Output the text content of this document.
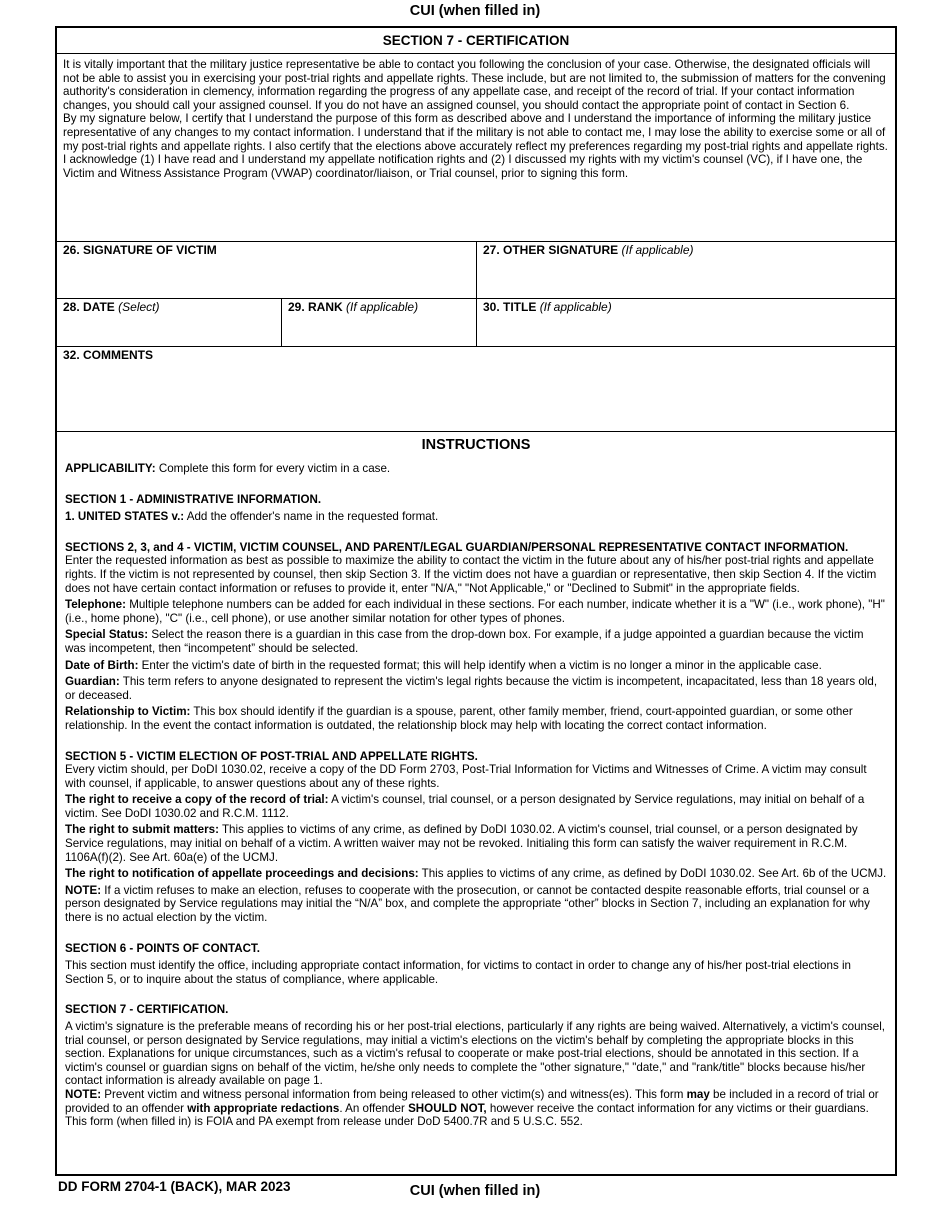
CUI (when filled in)
SECTION 7 - CERTIFICATION

It is vitally important that the military justice representative be able to contact you following the conclusion of your case. Otherwise, the designated officials will not be able to assist you in exercising your post-trial rights and appellate rights. These include, but are not limited to, the submission of matters for the convening authority's consideration in clemency, information regarding the progress of any appellate case, and receipt of the record of trial. If your contact information changes, you should call your assigned counsel. If you do not have an assigned counsel, you should contact the appropriate point of contact in Section 6.

By my signature below, I certify that I understand the purpose of this form as described above and I understand the importance of informing the military justice representative of any changes to my contact information. I understand that if the military is not able to contact me, I may lose the ability to exercise some or all of my post-trial rights and appellate rights. I also certify that the elections above accurately reflect my preferences regarding my post-trial rights and appellate rights. I acknowledge (1) I have read and I understand my appellate notification rights and (2) I discussed my rights with my victim's counsel (VC), if I have one, the Victim and Witness Assistance Program (VWAP) coordinator/liaison, or Trial counsel, prior to signing this form.

26. SIGNATURE OF VICTIM	27. OTHER SIGNATURE (If applicable)
28. DATE (Select)	29. RANK (If applicable)	30. TITLE (If applicable)
32. COMMENTS
INSTRUCTIONS

APPLICABILITY: Complete this form for every victim in a case.

SECTION 1 - ADMINISTRATIVE INFORMATION.

1. UNITED STATES v.: Add the offender's name in the requested format.

SECTIONS 2, 3, and 4 - VICTIM, VICTIM COUNSEL, AND PARENT/LEGAL GUARDIAN/PERSONAL REPRESENTATIVE CONTACT INFORMATION.

Enter the requested information as best as possible to maximize the ability to contact the victim in the future about any of his/her post-trial rights and appellate rights. If the victim is not represented by counsel, then skip Section 3. If the victim does not have a guardian or representative, then skip Section 4. If the victim does not have certain contact information or refuses to provide it, enter "N/A," "Not Applicable," or "Declined to Submit" in the appropriate fields.

Telephone: Multiple telephone numbers can be added for each individual in these sections. For each number, indicate whether it is a "W" (i.e., work phone), "H" (i.e., home phone), "C" (i.e., cell phone), or use another similar notation for other types of phones.

Special Status: Select the reason there is a guardian in this case from the drop-down box. For example, if a judge appointed a guardian because the victim was incompetent, then “incompetent” should be selected.

Date of Birth: Enter the victim's date of birth in the requested format; this will help identify when a victim is no longer a minor in the applicable case.

Guardian: This term refers to anyone designated to represent the victim's legal rights because the victim is incompetent, incapacitated, less than 18 years old, or deceased.

Relationship to Victim: This box should identify if the guardian is a spouse, parent, other family member, friend, court-appointed guardian, or some other relationship. In the event the contact information is outdated, the relationship block may help with locating the correct contact information.

SECTION 5 - VICTIM ELECTION OF POST-TRIAL AND APPELLATE RIGHTS.

Every victim should, per DoDI 1030.02, receive a copy of the DD Form 2703, Post-Trial Information for Victims and Witnesses of Crime. A victim may consult with counsel, if applicable, to answer questions about any of these rights.

The right to receive a copy of the record of trial: A victim's counsel, trial counsel, or a person designated by Service regulations, may initial on behalf of a victim. See DoDI 1030.02 and R.C.M. 1112.

The right to submit matters: This applies to victims of any crime, as defined by DoDI 1030.02. A victim's counsel, trial counsel, or a person designated by Service regulations, may initial on behalf of a victim. A written waiver may not be revoked. Initialing this form can satisfy the waiver requirement in R.C.M. 1106A(f)(2). See Art. 60a(e) of the UCMJ.

The right to notification of appellate proceedings and decisions: This applies to victims of any crime, as defined by DoDI 1030.02. See Art. 6b of the UCMJ.

NOTE: If a victim refuses to make an election, refuses to cooperate with the prosecution, or cannot be contacted despite reasonable efforts, trial counsel or a person designated by Service regulations may initial the “N/A” box, and complete the appropriate “other” blocks in Section 7, including an explanation for why there is no actual election by the victim.

SECTION 6 - POINTS OF CONTACT.

This section must identify the office, including appropriate contact information, for victims to contact in order to change any of his/her post-trial elections in Section 5, or to inquire about the status of compliance, where applicable.

SECTION 7 - CERTIFICATION.

A victim's signature is the preferable means of recording his or her post-trial elections, particularly if any rights are being waived. Alternatively, a victim's counsel, trial counsel, or person designated by Service regulations, may initial a victim's elections on the victim's behalf by completing the appropriate blocks in this section. Explanations for unique circumstances, such as a victim's refusal to cooperate or make post-trial elections, should be annotated in this section. If a victim's counsel or guardian signs on behalf of the victim, he/she only needs to complete the "other signature," "date," and "rank/title" blocks because his/her contact information is already available on page 1.

NOTE: Prevent victim and witness personal information from being released to other victim(s) and witness(es). This form may be included in a record of trial or provided to an offender with appropriate redactions. An offender SHOULD NOT, however receive the contact information for any victims or their guardians. This form (when filled in) is FOIA and PA exempt from release under DoD 5400.7R and 5 U.S.C. 552.

DD FORM 2704-1 (BACK), MAR 2023	CUI (when filled in)
